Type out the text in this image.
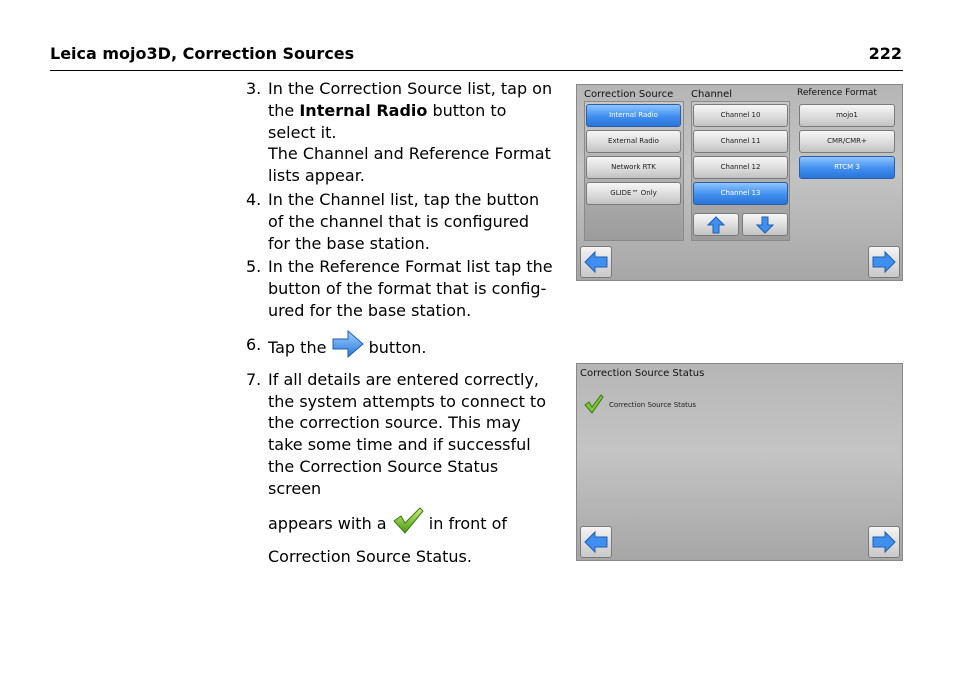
Leica mojo3D, Correction Sources	222
3. In the Correction Source list, tap on the Internal Radio button to select it.

The Channel and Reference Format lists appear.

4. In the Channel list, tap the button of the channel that is configured for the base station.

5. In the Reference Format list tap the button of the format that is config-ured for the base station.

6. Tap the	button.

7. If all details are entered correctly, the system attempts to connect to the correction source. This may take some time and if successful the Correction Source Status screen

appears with a	in front of Correction Source Status.

Correction Source Channel	Reference Format
Internal Radio
External Radio
Network RTK
GLIDE™ Only
Channel 10
Channel 11
Channel 12
Channel 13
mojo1
CMR/CMR+
RTCM 3
Correction Source Status
Correction Source Status
